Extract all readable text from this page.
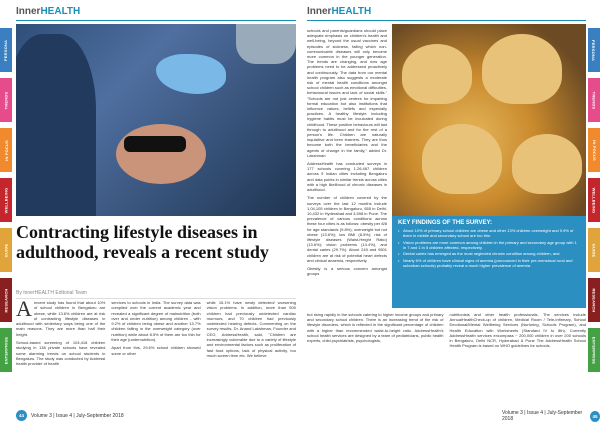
PERSONA
TRENDS
IN FOCUS
WELLBEING
GUIDE
RESEARCH
ENTERPRISE
PERSONA
TRENDS
IN FOCUS
WELLBEING
GUIDE
RESEARCH
ENTERPRISE
InnerHEALTH
Contracting lifestyle diseases in adulthood, reveals a recent study
By InnerHEALTH Editorial Team

Arecent study has found that about 10% of school children in Bengaluru are obese, while 13.6% children are at risk of contracting lifestyle diseases in adulthood with sedentary ways being one of the main reasons. They are more than half their height.

School-based screening of 104,418 children studying in 138 private schools have revealed some alarming trends on school students in Bengaluru. The study was conducted by Addressl health provider of health

services to schools in India. The survey data was compiled over the current academic year and revealed a significant degree of malnutrition (both over and under nutrition) among children - with 9.2% of children being obese and another 13.7% children falling in the overweight category (over nutrition) while about 8.5% of them are too thin for their age (undernutrition).

Apart from this, 29.6% school children showed some or other

while 15.1% have newly detected/ worsening vision problems. In addition, more than 500 children had previously undetected cardiac murmurs, and 70 children had previously undetected hearing defects. Commenting on the survey results, Dr. Anand Lakshman, Founder and CEO, AddressHealth, said, "Children are increasingly vulnerable due to a variety of lifestyle and environmental factors such as proliferation of fast food options, lack of physical activity, too much screen time etc. We believe

44	Volume 3 | Issue 4 | July-September 2018
InnerHEALTH

schools and parents/guardians should place adequate emphasis on children's health and well-being, beyond the usual vaccines and episodes of sickness, failing which non-communicable diseases will only become more common in the younger generation. The trends are changing, and now age problems need to be addressed proactively and continuously. The data from our mental health program also suggests a moderate risk of mental health conditions amongst school children such as emotional difficulties, behavioural issues and lack of social skills." "Schools are not just centres for imparting formal education but also institutions that influence values, beliefs and especially practices. A healthy lifestyle including hygiene habits must be inculcated during childhood. These positive behaviours will last through to adulthood and for the rest of a person's life. Children are naturally inquisitive and keen learners. They are thus become both the beneficiaries and the agents of change in the family," added Dr. Lakshman.

AddressHealth has conducted surveys in 177 schools covering 1,26,467 children across 9 Indian cities including Bengaluru and data points in similar trends across cities with a high likelihood of chronic diseases in adulthood.

The number of children covered by the surveys over the last 12 months include 1,04,105 children in Bengaluru, 655 in Delhi, 10,432 in Hyderabad and 3,598 in Pune. The prevalence of various conditions across these four cities is as follows: obesity per 8/8 for age standards (9.8%); overweight but not obese (13.6%); low BMI (8.5%); risk of lifestyle diseases (Waist-Height Ratio) (13.6%); vision problems (14.4%), and dental caries (29.7%). About 249 and 9501 children are at risk of potential heart defects and clinical anaemia, respectively.

Obesity is a serious concern amongst groups

KEY FINDINGS OF THE SURVEY:
• About 10% of primary school children are obese and other 13% children overweight and 9.9% of them in middle and secondary school are too thin.
• Vision problems are more common among children in the primary and secondary age group with 1 in 7 and 1 in 5 children affected, respectively.
• Dental caries has emerged as the most neglected chronic condition among children, and
• Nearly 6% of children have clinical signs of anemia (pronounced in their pre-menstrual rural and suburban schools) probably reveal a much higher prevalence of anemia.
but rising rapidly in the schools catering to higher income groups and primary and secondary school children. There is an increasing trend of the risk of lifestyle disorders, which is reflected in the significant percentage of children with a higher than recommended waist-to-height ratio. AddressHealth's school health services are designed by a team of pediatricians, public health experts, child psychiatrists, psychologists,
nutritionists and other health professionals. The services include AnnualHealthCheck-up of children, Medical Room / Tele-Infirmary, School Emotional/Mental Wellbeing Services (Nurturing, Schools Program), and Health Education with Worksheets (Standard IV to 8th). Currently AddressHealth services encompass ~ 200,000 children in over 200 schools in Bengaluru, Delhi NCR, Hyderabad & Pune The AddressHealth School Health Program is based on WHO guidelines for schools.
Volume 3 | Issue 4 | July-September 2018	45
